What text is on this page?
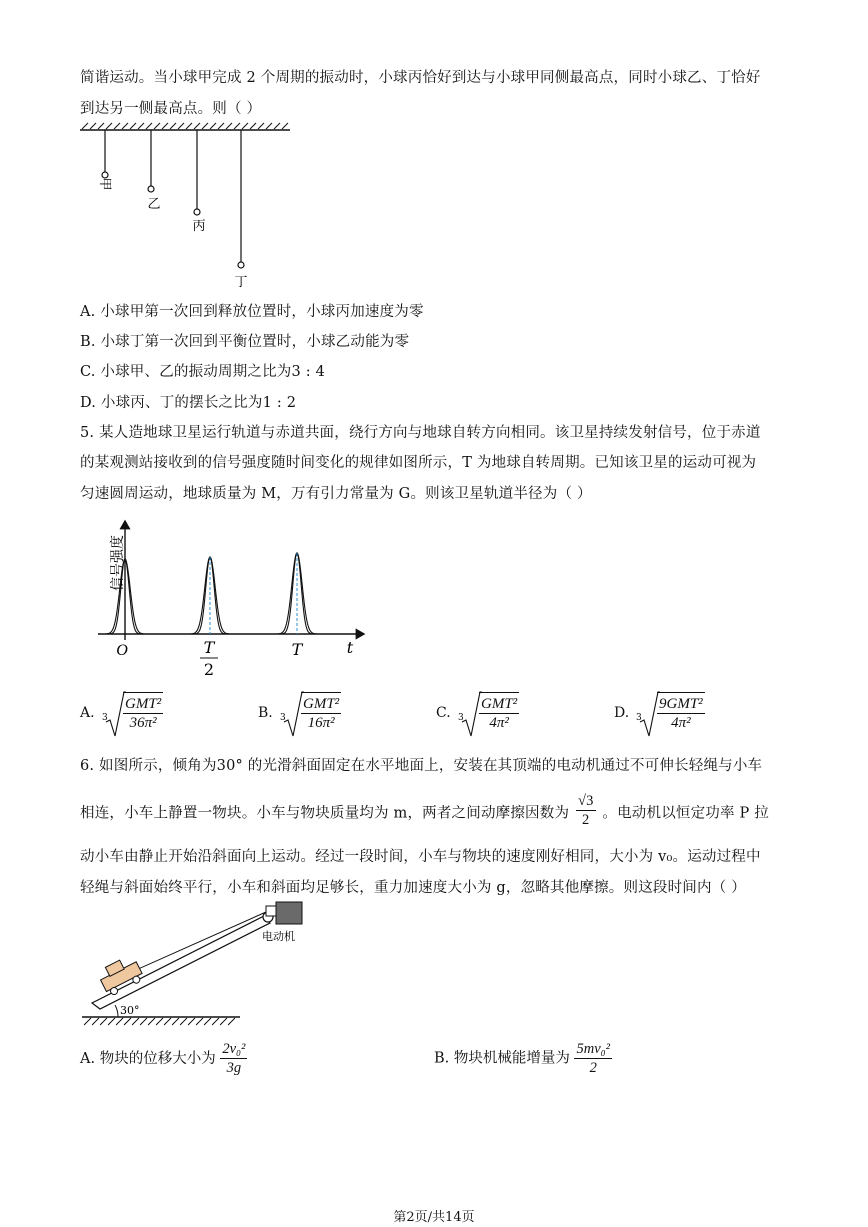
简谐运动。当小球甲完成 2 个周期的振动时，小球丙恰好到达与小球甲同侧最高点，同时小球乙、丁恰好
到达另一侧最高点。则（ ）
甲
乙
丙
丁
A. 小球甲第一次回到释放位置时，小球丙加速度为零
B. 小球丁第一次回到平衡位置时，小球乙动能为零
C. 小球甲、乙的振动周期之比为3 : 4
D. 小球丙、丁的摆长之比为1 : 2
5. 某人造地球卫星运行轨道与赤道共面，绕行方向与地球自转方向相同。该卫星持续发射信号，位于赤道
的某观测站接收到的信号强度随时间变化的规律如图所示，T 为地球自转周期。已知该卫星的运动可视为
匀速圆周运动，地球质量为 M，万有引力常量为 G。则该卫星轨道半径为（ ）
信号强度
O	T
2
T	t
A. 3
GMT²
36π²
B. 3
GMT²
16π²
C. 3
GMT²
4π²
D. 3
9GMT²
4π²
6. 如图所示，倾角为30° 的光滑斜面固定在水平地面上，安装在其顶端的电动机通过不可伸长轻绳与小车
相连，小车上静置一物块。小车与物块质量均为 m，两者之间动摩擦因数为 $\frac{√3}{2}$ 。电动机以恒定功率 P 拉
动小车由静止开始沿斜面向上运动。经过一段时间，小车与物块的速度刚好相同，大小为 v₀。运动过程中
轻绳与斜面始终平行，小车和斜面均足够长，重力加速度大小为 g，忽略其他摩擦。则这段时间内（ ）
30°
电动机
A. 物块的位移大小为 $\frac{\text{2v₀²}}{3g}$	B. 物块机械能增量为 $\frac{\text{5mv₀²}}{2}$
第2页/共14页
